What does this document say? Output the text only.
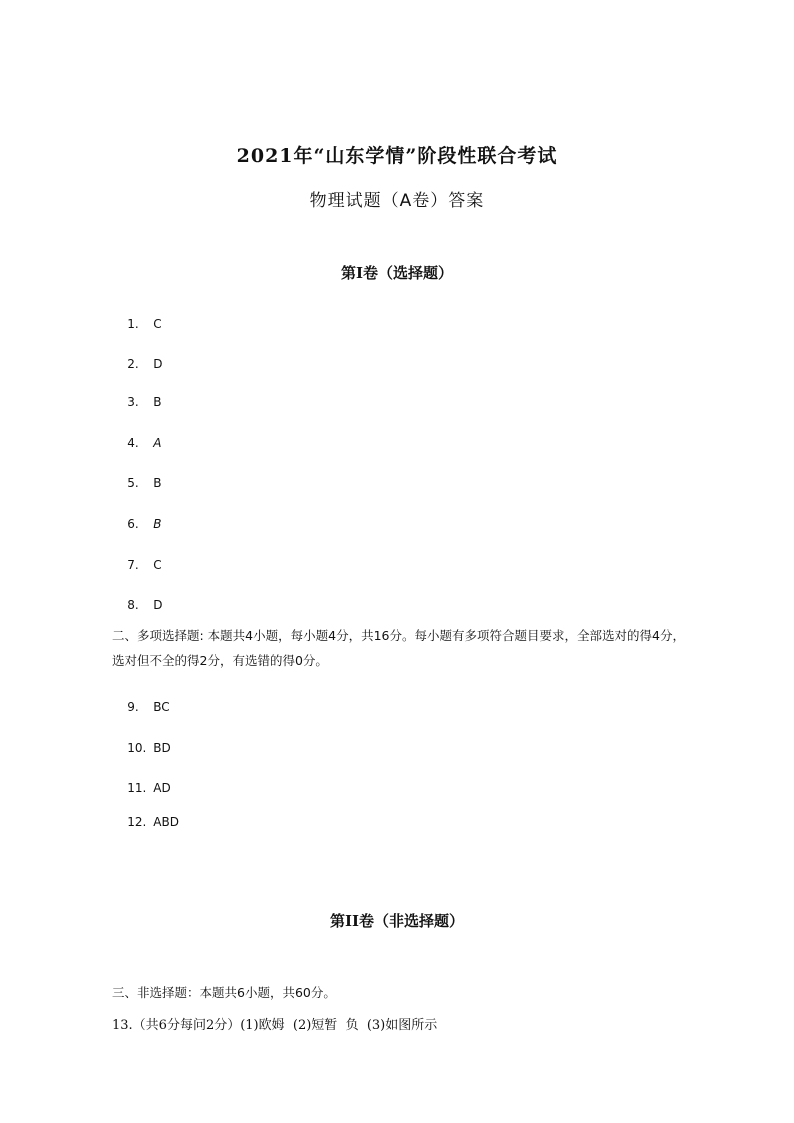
2021年“山东学情”阶段性联合考试
物理试题（A卷）答案
第I卷（选择题）

1. C

2. D

3. B

4. A

5. B

6. B

7. C

8. D

二、多项选择题: 本题共4小题，每小题4分，共16分。每小题有多项符合题目要求，全部选对的得4分，选对但不全的得2分，有选错的得0分。

9. BC

10. BD

11. AD

12. ABD

第II卷（非选择题）
三、非选择题：本题共6小题，共60分。
13.（共6分每问2分）(1)欧姆  (2)短暂  负  (3)如图所示
